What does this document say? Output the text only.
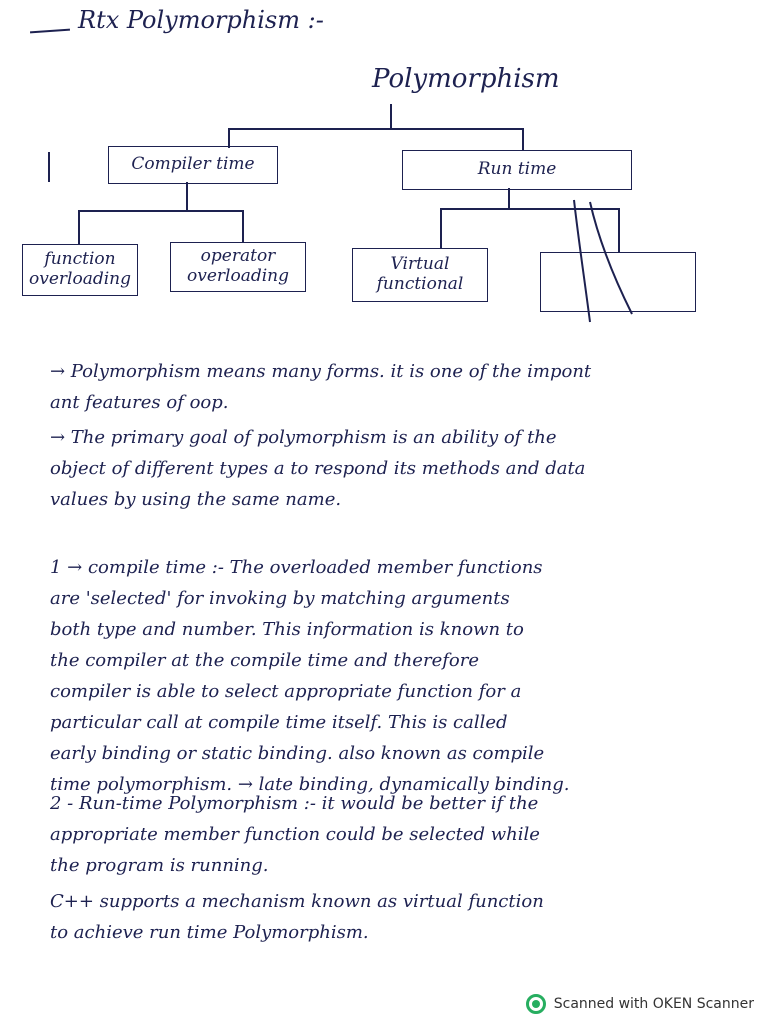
Rtx Polymorphism :-
Polymorphism
Compiler time	Run time
function
overloading
operator
overloading
Virtual
functional
→ Polymorphism means many forms. it is one of the impont
ant features of oop.
→ The primary goal of polymorphism is an ability of the
object of different types a to respond its methods and data
values by using the same name.
1 → compile time :- The overloaded member functions
are 'selected' for invoking by matching arguments
both type and number. This information is known to
the compiler at the compile time and therefore
compiler is able to select appropriate function for a
particular call at compile time itself. This is called
early binding or static binding. also known as compile
time polymorphism. → late binding, dynamically binding.
2 - Run-time Polymorphism :- it would be better if the
appropriate member function could be selected while
the program is running.
C++ supports a mechanism known as virtual function
to achieve run time Polymorphism.
Scanned with OKEN Scanner
